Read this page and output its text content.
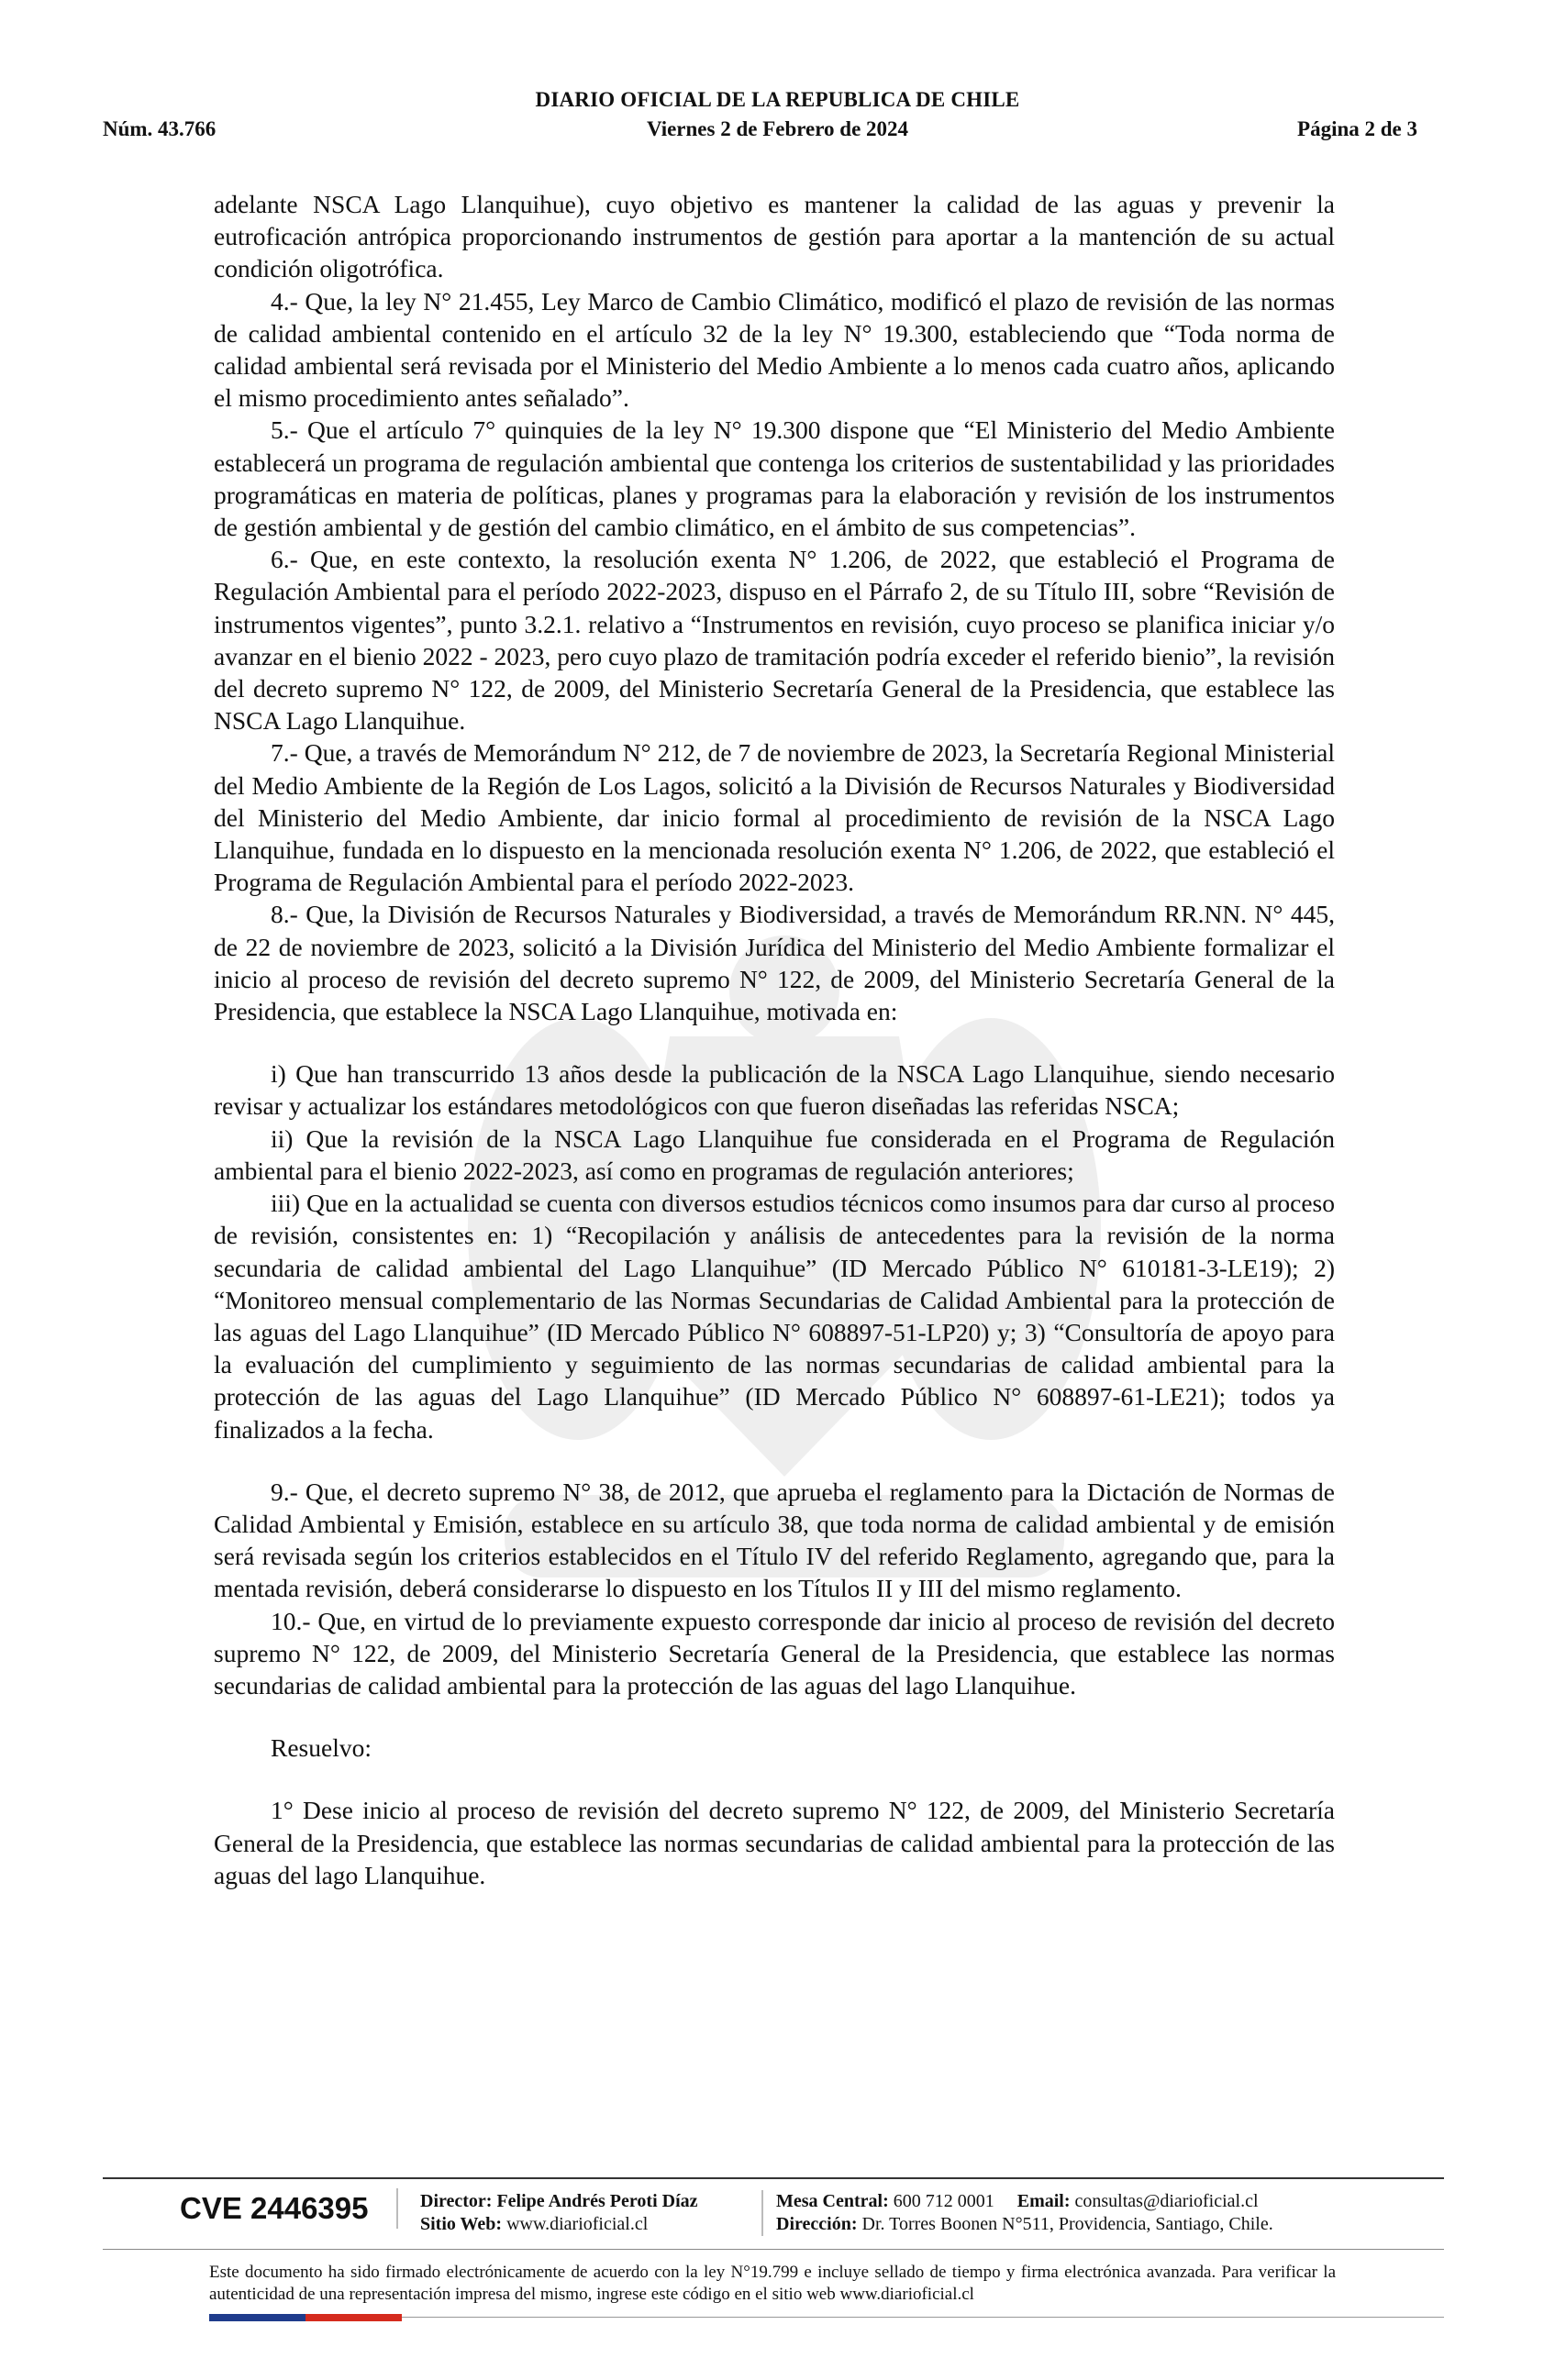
DIARIO OFICIAL DE LA REPUBLICA DE CHILE
Núm. 43.766	Viernes 2 de Febrero de 2024	Página 2 de 3

adelante NSCA Lago Llanquihue), cuyo objetivo es mantener la calidad de las aguas y prevenir la eutroficación antrópica proporcionando instrumentos de gestión para aportar a la mantención de su actual condición oligotrófica.

4.- Que, la ley N° 21.455, Ley Marco de Cambio Climático, modificó el plazo de revisión de las normas de calidad ambiental contenido en el artículo 32 de la ley N° 19.300, estableciendo que “Toda norma de calidad ambiental será revisada por el Ministerio del Medio Ambiente a lo menos cada cuatro años, aplicando el mismo procedimiento antes señalado”.

5.- Que el artículo 7° quinquies de la ley N° 19.300 dispone que “El Ministerio del Medio Ambiente establecerá un programa de regulación ambiental que contenga los criterios de sustentabilidad y las prioridades programáticas en materia de políticas, planes y programas para la elaboración y revisión de los instrumentos de gestión ambiental y de gestión del cambio climático, en el ámbito de sus competencias”.

6.- Que, en este contexto, la resolución exenta N° 1.206, de 2022, que estableció el Programa de Regulación Ambiental para el período 2022-2023, dispuso en el Párrafo 2, de su Título III, sobre “Revisión de instrumentos vigentes”, punto 3.2.1. relativo a “Instrumentos en revisión, cuyo proceso se planifica iniciar y/o avanzar en el bienio 2022 - 2023, pero cuyo plazo de tramitación podría exceder el referido bienio”, la revisión del decreto supremo N° 122, de 2009, del Ministerio Secretaría General de la Presidencia, que establece las NSCA Lago Llanquihue.

7.- Que, a través de Memorándum N° 212, de 7 de noviembre de 2023, la Secretaría Regional Ministerial del Medio Ambiente de la Región de Los Lagos, solicitó a la División de Recursos Naturales y Biodiversidad del Ministerio del Medio Ambiente, dar inicio formal al procedimiento de revisión de la NSCA Lago Llanquihue, fundada en lo dispuesto en la mencionada resolución exenta N° 1.206, de 2022, que estableció el Programa de Regulación Ambiental para el período 2022-2023.

8.- Que, la División de Recursos Naturales y Biodiversidad, a través de Memorándum RR.NN. N° 445, de 22 de noviembre de 2023, solicitó a la División Jurídica del Ministerio del Medio Ambiente formalizar el inicio al proceso de revisión del decreto supremo N° 122, de 2009, del Ministerio Secretaría General de la Presidencia, que establece la NSCA Lago Llanquihue, motivada en:

i) Que han transcurrido 13 años desde la publicación de la NSCA Lago Llanquihue, siendo necesario revisar y actualizar los estándares metodológicos con que fueron diseñadas las referidas NSCA;

ii) Que la revisión de la NSCA Lago Llanquihue fue considerada en el Programa de Regulación ambiental para el bienio 2022-2023, así como en programas de regulación anteriores;

iii) Que en la actualidad se cuenta con diversos estudios técnicos como insumos para dar curso al proceso de revisión, consistentes en: 1) “Recopilación y análisis de antecedentes para la revisión de la norma secundaria de calidad ambiental del Lago Llanquihue” (ID Mercado Público N° 610181-3-LE19); 2) “Monitoreo mensual complementario de las Normas Secundarias de Calidad Ambiental para la protección de las aguas del Lago Llanquihue” (ID Mercado Público N° 608897-51-LP20) y; 3) “Consultoría de apoyo para la evaluación del cumplimiento y seguimiento de las normas secundarias de calidad ambiental para la protección de las aguas del Lago Llanquihue” (ID Mercado Público N° 608897-61-LE21); todos ya finalizados a la fecha.

9.- Que, el decreto supremo N° 38, de 2012, que aprueba el reglamento para la Dictación de Normas de Calidad Ambiental y Emisión, establece en su artículo 38, que toda norma de calidad ambiental y de emisión será revisada según los criterios establecidos en el Título IV del referido Reglamento, agregando que, para la mentada revisión, deberá considerarse lo dispuesto en los Títulos II y III del mismo reglamento.

10.- Que, en virtud de lo previamente expuesto corresponde dar inicio al proceso de revisión del decreto supremo N° 122, de 2009, del Ministerio Secretaría General de la Presidencia, que establece las normas secundarias de calidad ambiental para la protección de las aguas del lago Llanquihue.

Resuelvo:

1° Dese inicio al proceso de revisión del decreto supremo N° 122, de 2009, del Ministerio Secretaría General de la Presidencia, que establece las normas secundarias de calidad ambiental para la protección de las aguas del lago Llanquihue.

CVE 2446395	Director: Felipe Andrés Peroti Díaz
Sitio Web: www.diarioficial.cl
Mesa Central: 600 712 0001 Email: consultas@diarioficial.cl
Dirección: Dr. Torres Boonen N°511, Providencia, Santiago, Chile.
Este documento ha sido firmado electrónicamente de acuerdo con la ley N°19.799 e incluye sellado de tiempo y firma electrónica avanzada. Para verificar la autenticidad de una representación impresa del mismo, ingrese este código en el sitio web www.diarioficial.cl
